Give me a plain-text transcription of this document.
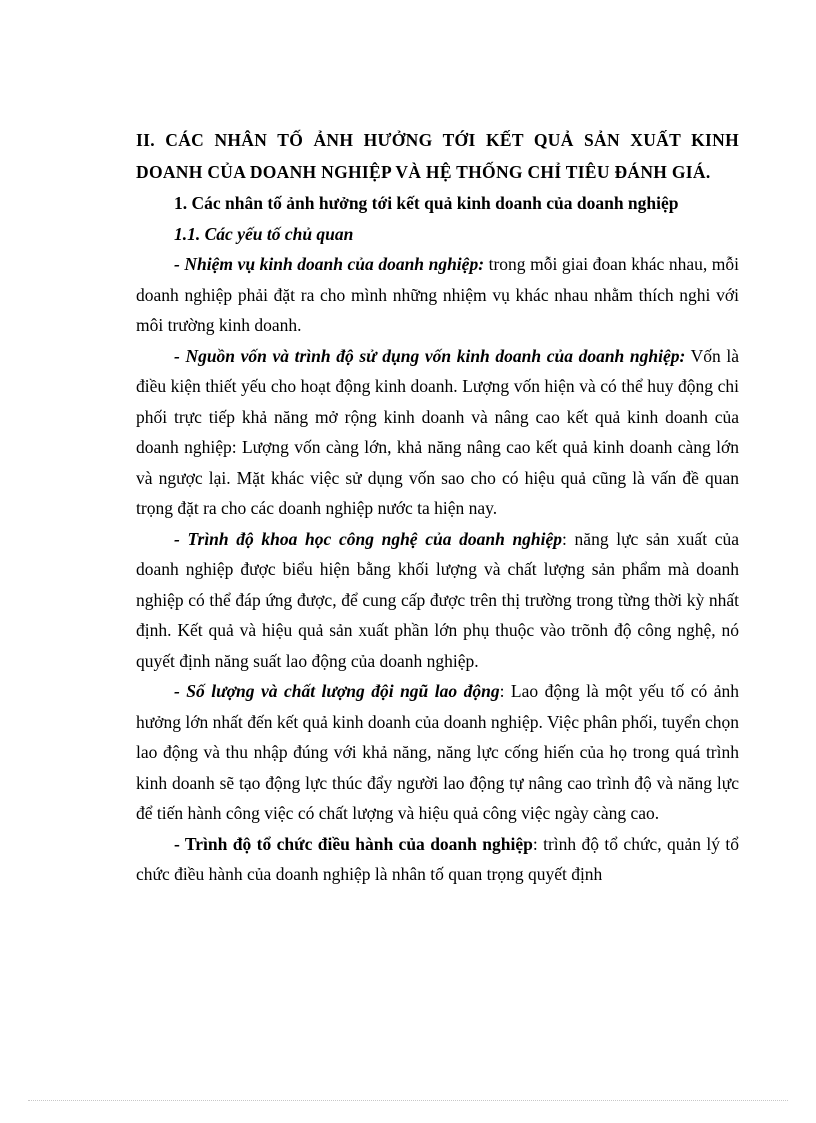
II. CÁC NHÂN TỐ ẢNH HƯỞNG TỚI KẾT QUẢ SẢN XUẤT KINH DOANH CỦA DOANH NGHIỆP VÀ HỆ THỐNG CHỈ TIÊU ĐÁNH GIÁ.

1. Các nhân tố ảnh hưởng tới kết quả kinh doanh của doanh nghiệp

1.1. Các yếu tố chủ quan

- Nhiệm vụ kinh doanh của doanh nghiệp: trong mỗi giai đoan khác nhau, mỗi doanh nghiệp phải đặt ra cho mình những nhiệm vụ khác nhau nhằm thích nghi với môi trường kinh doanh.

- Nguồn vốn và trình độ sử dụng vốn kinh doanh của doanh nghiệp: Vốn là điều kiện thiết yếu cho hoạt động kinh doanh. Lượng vốn hiện và có thể huy động chi phối trực tiếp khả năng mở rộng kinh doanh và nâng cao kết quả kinh doanh của doanh nghiệp: Lượng vốn càng lớn, khả năng nâng cao kết quả kinh doanh càng lớn và ngược lại. Mặt khác việc sử dụng vốn sao cho có hiệu quả cũng là vấn đề quan trọng đặt ra cho các doanh nghiệp nước ta hiện nay.

- Trình độ khoa học công nghệ của doanh nghiệp: năng lực sản xuất của doanh nghiệp được biểu hiện bằng khối lượng và chất lượng sản phẩm mà doanh nghiệp có thể đáp ứng được, để cung cấp được trên thị trường trong từng thời kỳ nhất định. Kết quả và hiệu quả sản xuất phần lớn phụ thuộc vào trõnh độ công nghệ, nó quyết định năng suất lao động của doanh nghiệp.

- Số lượng và chất lượng đội ngũ lao động: Lao động là một yếu tố có ảnh hưởng lớn nhất đến kết quả kinh doanh của doanh nghiệp. Việc phân phối, tuyển chọn lao động và thu nhập đúng với khả năng, năng lực cống hiến của họ trong quá trình kinh doanh sẽ tạo động lực thúc đẩy người lao động tự nâng cao trình độ và năng lực để tiến hành công việc có chất lượng và hiệu quả công việc ngày càng cao.

- Trình độ tổ chức điều hành của doanh nghiệp: trình độ tổ chức, quản lý tổ chức điều hành của doanh nghiệp là nhân tố quan trọng quyết định
